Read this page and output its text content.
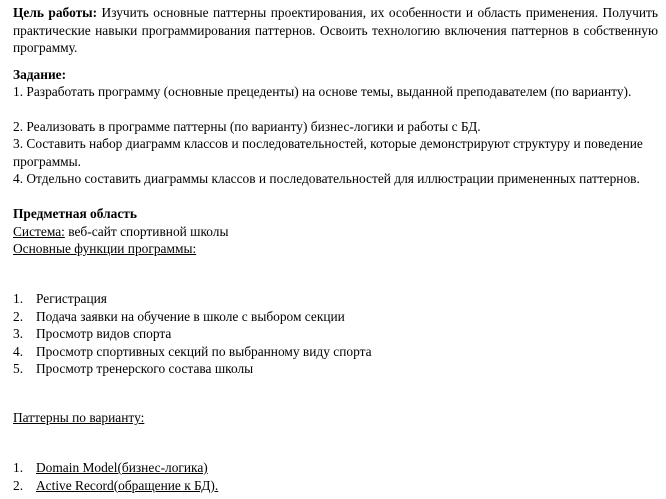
Цель работы: Изучить основные паттерны проектирования, их особенности и область применения. Получить практические навыки программирования паттернов. Освоить технологию включения паттернов в собственную программу.

Задание:

1. Разработать программу (основные прецеденты) на основе темы, выданной преподавателем (по варианту).

2. Реализовать в программе паттерны (по варианту) бизнес-логики и работы с БД.

3. Составить набор диаграмм классов и последовательностей, которые демонстрируют структуру и поведение программы.

4. Отдельно составить диаграммы классов и последовательностей для иллюстрации примененных паттернов.

Предметная область

Система: веб-сайт спортивной школы

Основные функции программы:

1. Регистрация
2. Подача заявки на обучение в школе с выбором секции
3. Просмотр видов спорта
4. Просмотр спортивных секций по выбранному виду спорта
5. Просмотр тренерского состава школы

Паттерны по варианту:

1. Domain Model(бизнес-логика)
2. Active Record(обращение к БД).
